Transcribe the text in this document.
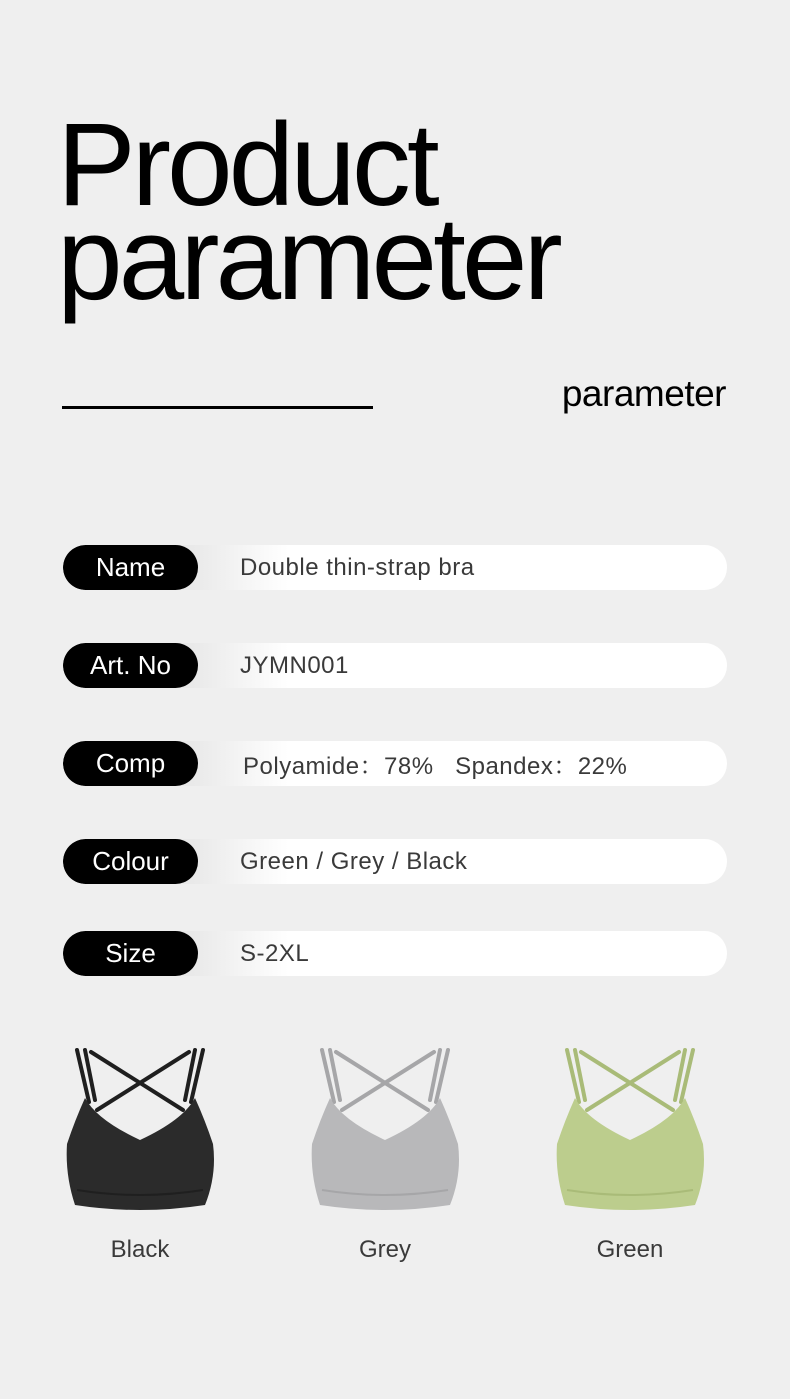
Product
parameter
parameter
Name	Double thin-strap bra
Art. No	JYMN001
Comp	Polyamide：78%   Spandex：22%
Colour	Green / Grey / Black
Size	S-2XL
Black	Grey	Green
